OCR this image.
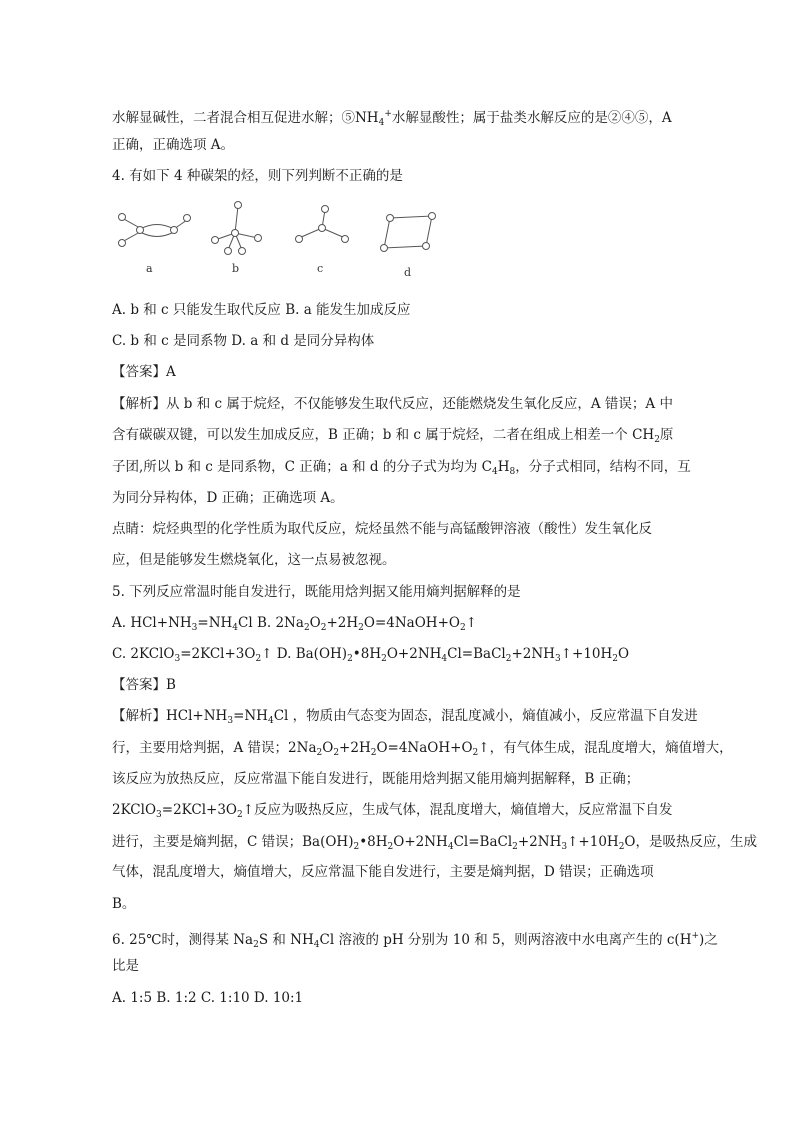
水解显碱性，二者混合相互促进水解；$⑤NH_4^+$水解显酸性；属于盐类水解反应的是②④⑤，A
正确，正确选项 A。
4. 有如下 4 种碳架的烃，则下列判断不正确的是
a	b	c	d
A. b 和 c 只能发生取代反应 B. a 能发生加成反应
C. b 和 c 是同系物 D. a 和 d 是同分异构体
【答案】A
【解析】从 b 和 c 属于烷烃，不仅能够发生取代反应，还能燃烧发生氧化反应，A 错误；A 中
含有碳碳双键，可以发生加成反应，B 正确；b 和 c 属于烷烃，二者在组成上相差一个 $CH_2$原
子团,所以 b 和 c 是同系物，C 正确；a 和 d 的分子式为均为 $C_4H_8$，分子式相同，结构不同，互
为同分异构体，D 正确；正确选项 A。
点睛：烷烃典型的化学性质为取代反应，烷烃虽然不能与高锰酸钾溶液（酸性）发生氧化反
应，但是能够发生燃烧氧化，这一点易被忽视。
5. 下列反应常温时能自发进行，既能用焓判据又能用熵判据解释的是
A. $HCl+NH_3=NH_4Cl$ B. $2Na_2O_2+2H_2O=4NaOH+O_2↑$
C. $2KClO_3=2KCl+3O_2↑$ D. $Ba(OH)_2•8H_2O+2NH_4Cl=BaCl_2+2NH_3↑+10H_2O$
【答案】B
【解析】$HCl+NH_3=NH_4Cl$ ，物质由气态变为固态，混乱度减小，熵值减小，反应常温下自发进
行，主要用焓判据，A 错误；$2Na_2O_2+2H_2O=4NaOH+O_2↑$，有气体生成，混乱度增大，熵值增大，
该反应为放热反应，反应常温下能自发进行，既能用焓判据又能用熵判据解释，B 正确；
$2KClO_3=2KCl+3O_2↑$反应为吸热反应，生成气体，混乱度增大，熵值增大，反应常温下自发
进行，主要是熵判据，C 错误；$Ba(OH)_2•8H_2O+2NH_4Cl=BaCl_2+2NH_3↑+10H_2O$，是吸热反应，生成
气体，混乱度增大，熵值增大，反应常温下能自发进行，主要是熵判据，D 错误；正确选项
B。
6. 25℃时，测得某 $Na_2S$ 和 $NH_4Cl$ 溶液的 pH 分别为 10 和 5，则两溶液中水电离产生的 c(H+)之
比是
A. 1:5 B. 1:2 C. 1:10 D. 10:1
